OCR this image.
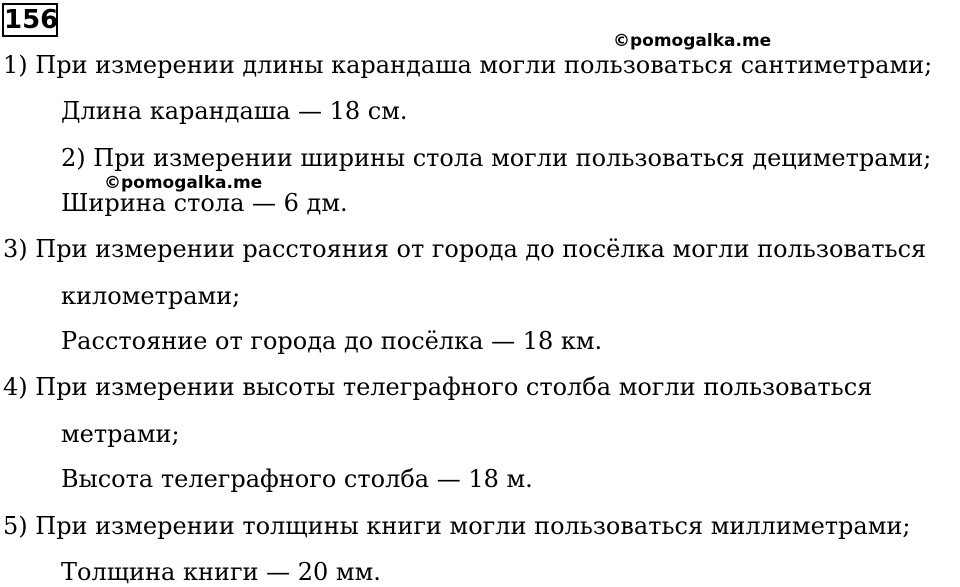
156
©pomogalka.me
©pomogalka.me
1) При измерении длины карандаша могли пользоваться сантиметрами;
Длина карандаша — 18 см.
2) При измерении ширины стола могли пользоваться дециметрами;
Ширина стола — 6 дм.
3) При измерении расстояния от города до посёлка могли пользоваться
километрами;
Расстояние от города до посёлка — 18 км.
4) При измерении высоты телеграфного столба могли пользоваться
метрами;
Высота телеграфного столба — 18 м.
5) При измерении толщины книги могли пользоваться миллиметрами;
Толщина книги — 20 мм.
